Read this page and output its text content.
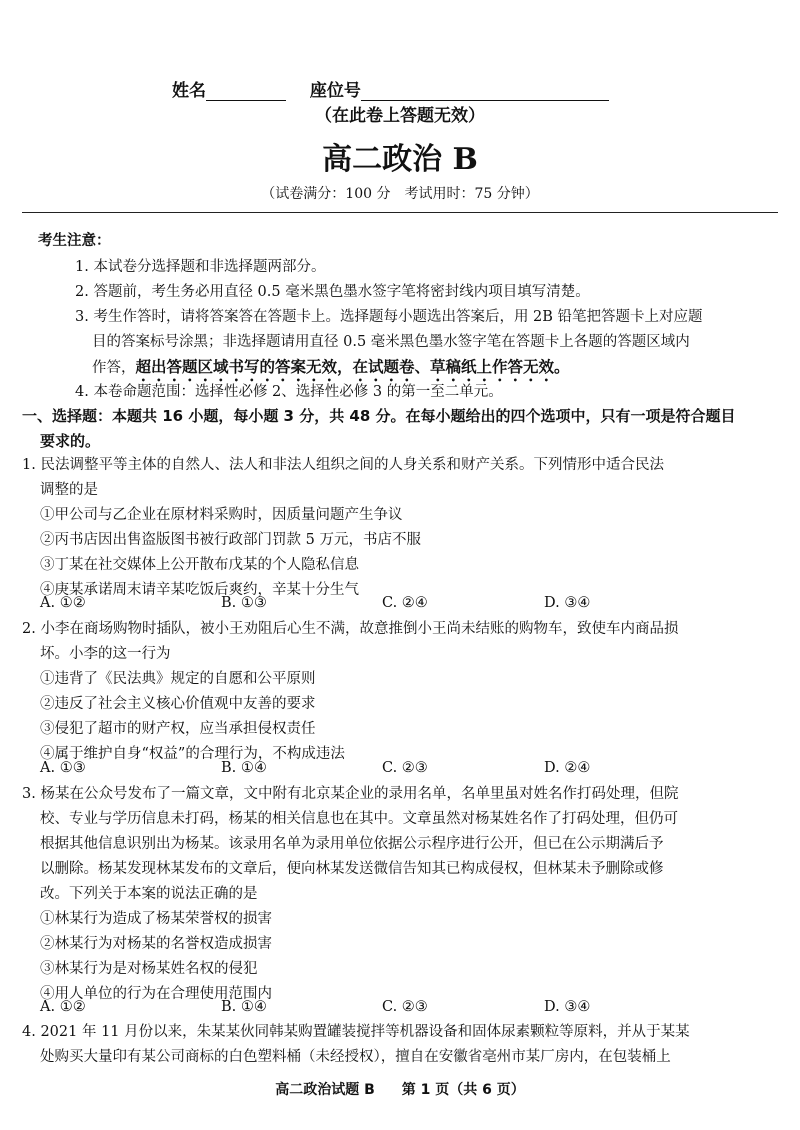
姓名	座位号
（在此卷上答题无效）
高二政治 B
（试卷满分：100 分　考试用时：75 分钟）
考生注意：
1. 本试卷分选择题和非选择题两部分。
2. 答题前，考生务必用直径 0.5 毫米黑色墨水签字笔将密封线内项目填写清楚。
3. 考生作答时，请将答案答在答题卡上。选择题每小题选出答案后，用 2B 铅笔把答题卡上对应题
目的答案标号涂黑；非选择题请用直径 0.5 毫米黑色墨水签字笔在答题卡上各题的答题区域内
作答，超出答题区域书写的答案无效，在试题卷、草稿纸上作答无效。
4. 本卷命题范围：选择性必修 2、选择性必修 3 的第一至二单元。
一、选择题：本题共 16 小题，每小题 3 分，共 48 分。在每小题给出的四个选项中，只有一项是符合题目
要求的。
1. 民法调整平等主体的自然人、法人和非法人组织之间的人身关系和财产关系。下列情形中适合民法
调整的是
①甲公司与乙企业在原材料采购时，因质量问题产生争议
②丙书店因出售盗版图书被行政部门罚款 5 万元，书店不服
③丁某在社交媒体上公开散布戊某的个人隐私信息
④庚某承诺周末请辛某吃饭后爽约，辛某十分生气
A. ①②	B. ①③	C. ②④	D. ③④
2. 小李在商场购物时插队，被小王劝阻后心生不满，故意推倒小王尚未结账的购物车，致使车内商品损
坏。小李的这一行为
①违背了《民法典》规定的自愿和公平原则
②违反了社会主义核心价值观中友善的要求
③侵犯了超市的财产权，应当承担侵权责任
④属于维护自身“权益”的合理行为，不构成违法
A. ①③	B. ①④	C. ②③	D. ②④
3. 杨某在公众号发布了一篇文章，文中附有北京某企业的录用名单，名单里虽对姓名作打码处理，但院
校、专业与学历信息未打码，杨某的相关信息也在其中。文章虽然对杨某姓名作了打码处理，但仍可
根据其他信息识别出为杨某。该录用名单为录用单位依据公示程序进行公开，但已在公示期满后予
以删除。杨某发现林某发布的文章后，便向林某发送微信告知其已构成侵权，但林某未予删除或修
改。下列关于本案的说法正确的是
①林某行为造成了杨某荣誉权的损害
②林某行为对杨某的名誉权造成损害
③林某行为是对杨某姓名权的侵犯
④用人单位的行为在合理使用范围内
A. ①②	B. ①④	C. ②③	D. ③④
4. 2021 年 11 月份以来，朱某某伙同韩某购置罐装搅拌等机器设备和固体尿素颗粒等原料，并从于某某
处购买大量印有某公司商标的白色塑料桶（未经授权），擅自在安徽省亳州市某厂房内，在包装桶上
高二政治试题 B 第 1 页（共 6 页）
